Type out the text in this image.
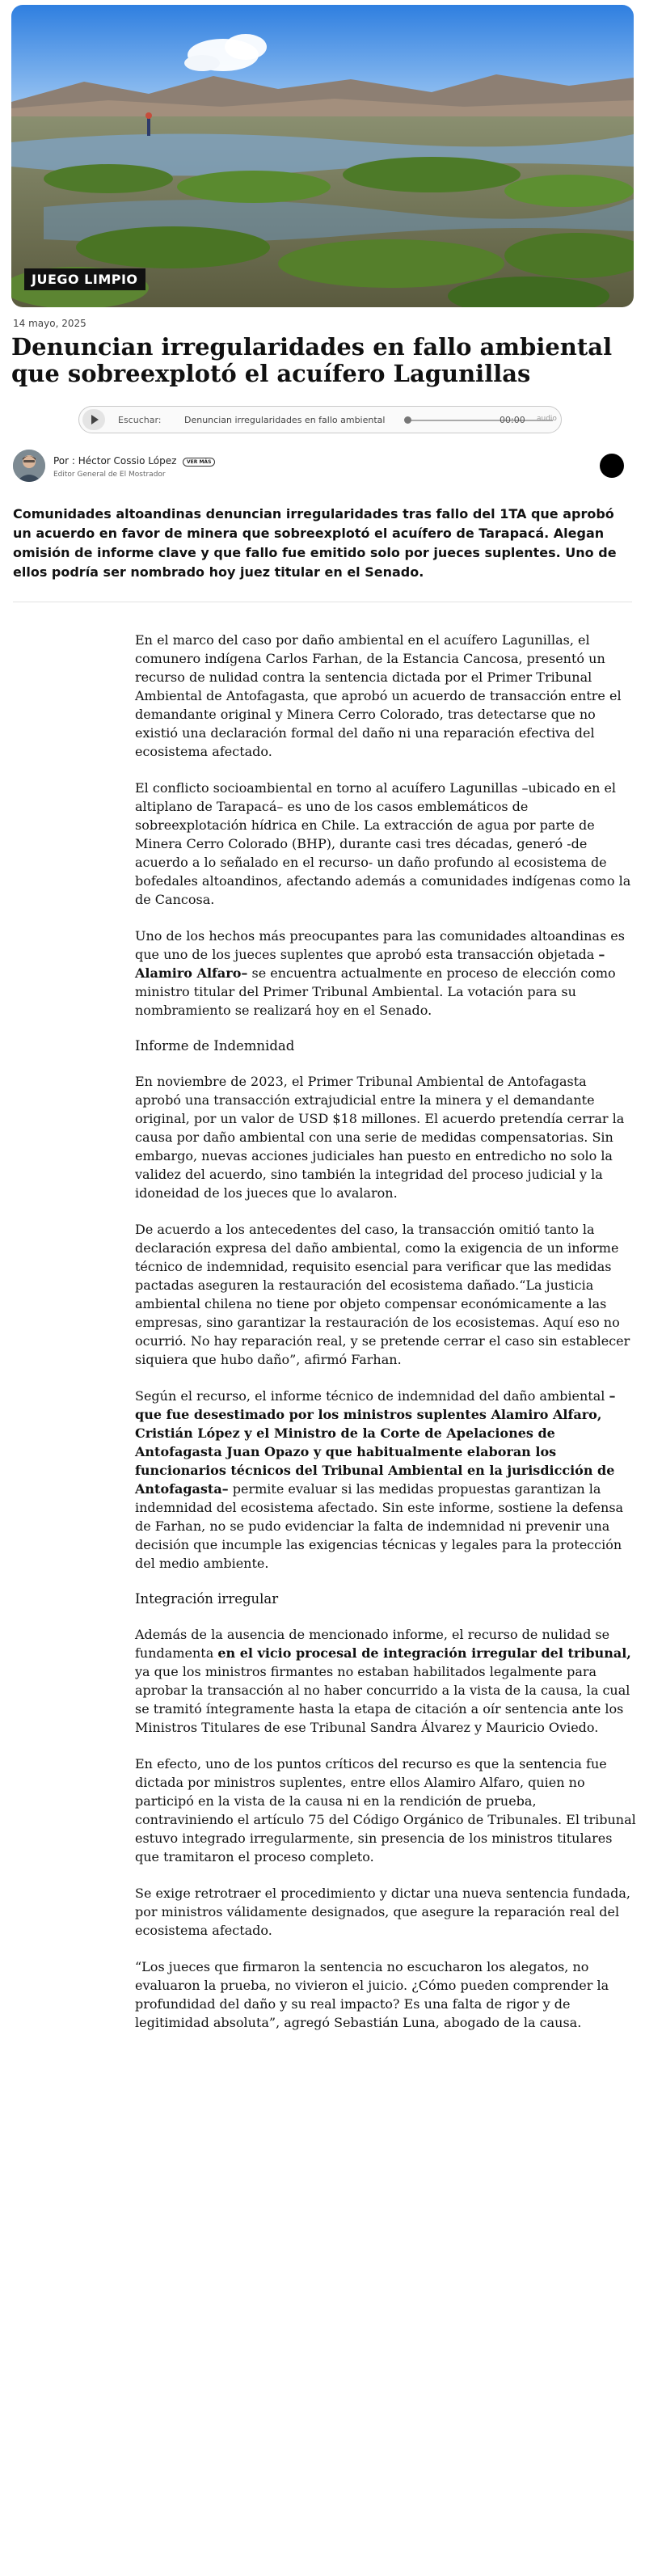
JUEGO LIMPIO
14 mayo, 2025
Denuncian irregularidades en fallo ambiental que sobreexplotó el acuífero Lagunillas
Escuchar:	Denuncian irregularidades en fallo ambiental	00:00 audio
Por : Héctor Cossio López	VER MÁS
Editor General de El Mostrador

Comunidades altoandinas denuncian irregularidades tras fallo del 1TA que aprobó un acuerdo en favor de minera que sobreexplotó el acuífero de Tarapacá. Alegan omisión de informe clave y que fallo fue emitido solo por jueces suplentes. Uno de ellos podría ser nombrado hoy juez titular en el Senado.

En el marco del caso por daño ambiental en el acuífero Lagunillas, el comunero indígena Carlos Farhan, de la Estancia Cancosa, presentó un recurso de nulidad contra la sentencia dictada por el Primer Tribunal Ambiental de Antofagasta, que aprobó un acuerdo de transacción entre el demandante original y Minera Cerro Colorado, tras detectarse que no existió una declaración formal del daño ni una reparación efectiva del ecosistema afectado.

El conflicto socioambiental en torno al acuífero Lagunillas –ubicado en el altiplano de Tarapacá– es uno de los casos emblemáticos de sobreexplotación hídrica en Chile. La extracción de agua por parte de Minera Cerro Colorado (BHP), durante casi tres décadas, generó -de acuerdo a lo señalado en el recurso- un daño profundo al ecosistema de bofedales altoandinos, afectando además a comunidades indígenas como la de Cancosa.

Uno de los hechos más preocupantes para las comunidades altoandinas es que uno de los jueces suplentes que aprobó esta transacción objetada –Alamiro Alfaro– se encuentra actualmente en proceso de elección como ministro titular del Primer Tribunal Ambiental. La votación para su nombramiento se realizará hoy en el Senado.

Informe de Indemnidad

En noviembre de 2023, el Primer Tribunal Ambiental de Antofagasta aprobó una transacción extrajudicial entre la minera y el demandante original, por un valor de USD $18 millones. El acuerdo pretendía cerrar la causa por daño ambiental con una serie de medidas compensatorias. Sin embargo, nuevas acciones judiciales han puesto en entredicho no solo la validez del acuerdo, sino también la integridad del proceso judicial y la idoneidad de los jueces que lo avalaron.

De acuerdo a los antecedentes del caso, la transacción omitió tanto la declaración expresa del daño ambiental, como la exigencia de un informe técnico de indemnidad, requisito esencial para verificar que las medidas pactadas aseguren la restauración del ecosistema dañado.“La justicia ambiental chilena no tiene por objeto compensar económicamente a las empresas, sino garantizar la restauración de los ecosistemas. Aquí eso no ocurrió. No hay reparación real, y se pretende cerrar el caso sin establecer siquiera que hubo daño”, afirmó Farhan.

Según el recurso, el informe técnico de indemnidad del daño ambiental –que fue desestimado por los ministros suplentes Alamiro Alfaro, Cristián López y el Ministro de la Corte de Apelaciones de Antofagasta Juan Opazo y que habitualmente elaboran los funcionarios técnicos del Tribunal Ambiental en la jurisdicción de Antofagasta– permite evaluar si las medidas propuestas garantizan la indemnidad del ecosistema afectado. Sin este informe, sostiene la defensa de Farhan, no se pudo evidenciar la falta de indemnidad ni prevenir una decisión que incumple las exigencias técnicas y legales para la protección del medio ambiente.

Integración irregular

Además de la ausencia de mencionado informe, el recurso de nulidad se fundamenta en el vicio procesal de integración irregular del tribunal, ya que los ministros firmantes no estaban habilitados legalmente para aprobar la transacción al no haber concurrido a la vista de la causa, la cual se tramitó íntegramente hasta la etapa de citación a oír sentencia ante los Ministros Titulares de ese Tribunal Sandra Álvarez y Mauricio Oviedo.

En efecto, uno de los puntos críticos del recurso es que la sentencia fue dictada por ministros suplentes, entre ellos Alamiro Alfaro, quien no participó en la vista de la causa ni en la rendición de prueba, contraviniendo el artículo 75 del Código Orgánico de Tribunales. El tribunal estuvo integrado irregularmente, sin presencia de los ministros titulares que tramitaron el proceso completo.

Se exige retrotraer el procedimiento y dictar una nueva sentencia fundada, por ministros válidamente designados, que asegure la reparación real del ecosistema afectado.

“Los jueces que firmaron la sentencia no escucharon los alegatos, no evaluaron la prueba, no vivieron el juicio. ¿Cómo pueden comprender la profundidad del daño y su real impacto? Es una falta de rigor y de legitimidad absoluta”, agregó Sebastián Luna, abogado de la causa.
